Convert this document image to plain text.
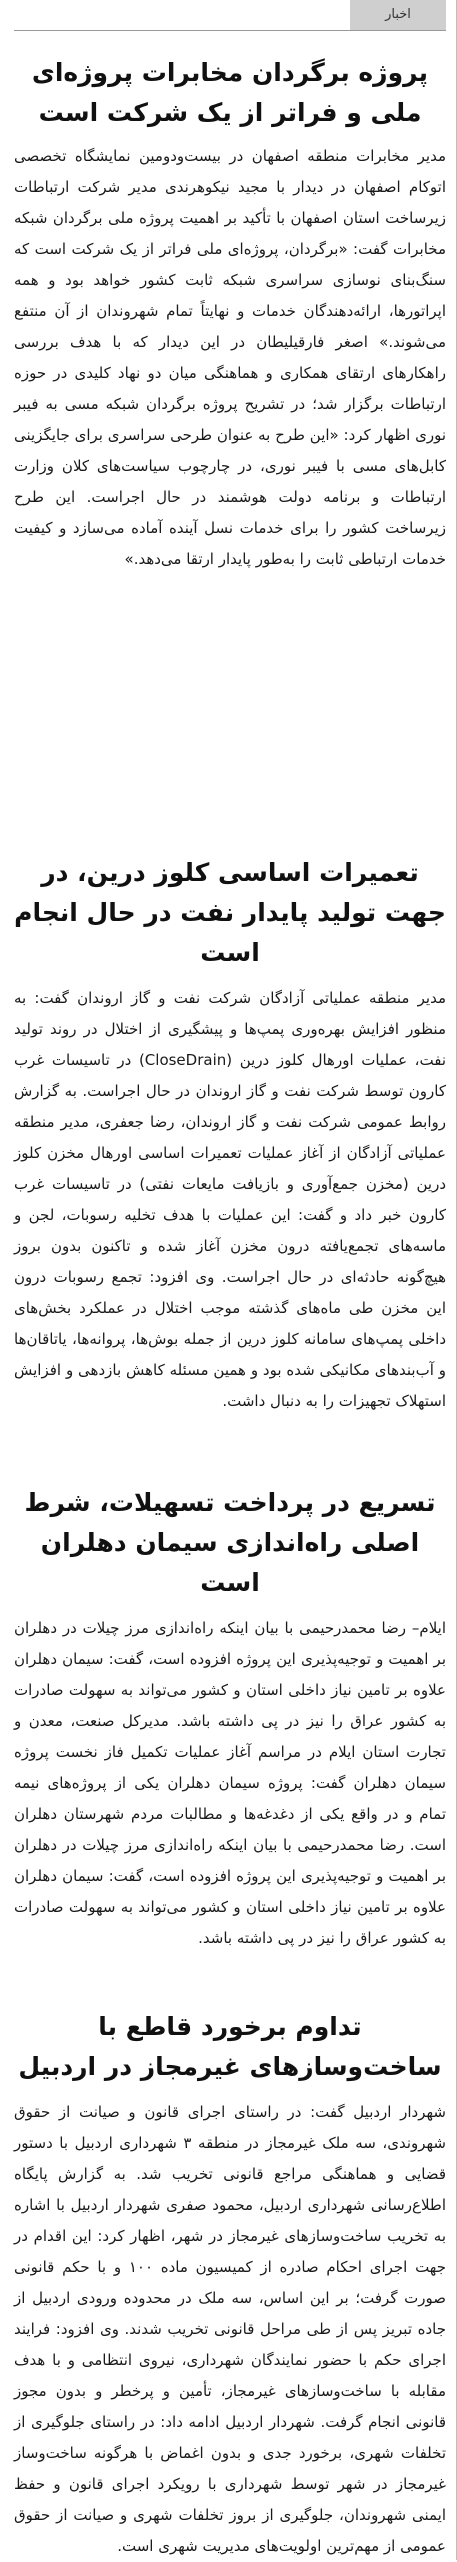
اخبار
پروژه برگردان مخابرات پروژه‌ای ملی و فراتر از یک شرکت است

مدیر مخابرات منطقه اصفهان در بیست‌ودومین نمایشگاه تخصصی اتوکام اصفهان در دیدار با مجید نیکوهرندی مدیر شرکت ارتباطات زیرساخت استان اصفهان با تأکید بر اهمیت پروژه ملی برگردان شبکه مخابرات گفت: «برگردان، پروژه‌ای ملی فراتر از یک شرکت است که سنگ‌بنای نوسازی سراسری شبکه ثابت کشور خواهد بود و همه اپراتورها، ارائه‌دهندگان خدمات و نهایتاً تمام شهروندان از آن منتفع می‌شوند.» اصغر فارقیلیطان در این دیدار که با هدف بررسی راهکارهای ارتقای همکاری و هماهنگی میان دو نهاد کلیدی در حوزه ارتباطات برگزار شد؛ در تشریح پروژه برگردان شبکه مسی به فیبر نوری اظهار کرد: «این طرح به عنوان طرحی سراسری برای جایگزینی کابل‌های مسی با فیبر نوری، در چارچوب سیاست‌های کلان وزارت ارتباطات و برنامه دولت هوشمند در حال اجراست. این طرح زیرساخت کشور را برای خدمات نسل آینده آماده می‌سازد و کیفیت خدمات ارتباطی ثابت را به‌طور پایدار ارتقا می‌دهد.»

تعمیرات اساسی کلوز درین، در جهت تولید پایدار نفت در حال انجام است

مدیر منطقه عملیاتی آزادگان شرکت نفت و گاز اروندان گفت: به منظور افزایش بهره‌وری پمپ‌ها و پیشگیری از اختلال در روند تولید نفت، عملیات اورهال کلوز درین (CloseDrain) در تاسیسات غرب کارون توسط شرکت نفت و گاز اروندان در حال اجراست. به گزارش روابط عمومی شرکت نفت و گاز اروندان، رضا جعفری، مدیر منطقه عملیاتی آزادگان از آغاز عملیات تعمیرات اساسی اورهال مخزن کلوز درین (مخزن جمع‌آوری و بازیافت مایعات نفتی) در تاسیسات غرب کارون خبر داد و گفت: این عملیات با هدف تخلیه رسوبات، لجن و ماسه‌های تجمع‌یافته درون مخزن آغاز شده و تاکنون بدون بروز هیچ‌گونه حادثه‌ای در حال اجراست. وی افزود: تجمع رسوبات درون این مخزن طی ماه‌های گذشته موجب اختلال در عملکرد بخش‌های داخلی پمپ‌های سامانه کلوز درین از جمله بوش‌ها، پروانه‌ها، یاتاقان‌ها و آب‌بندهای مکانیکی شده بود و همین مسئله کاهش بازدهی و افزایش استهلاک تجهیزات را به دنبال داشت.

تسریع در پرداخت تسهیلات، شرط اصلی راه‌اندازی سیمان دهلران است

ایلام– رضا محمدرحیمی با بیان اینکه راه‌اندازی مرز چیلات در دهلران بر اهمیت و توجیه‌پذیری این پروژه افزوده است، گفت: سیمان دهلران علاوه بر تامین نیاز داخلی استان و کشور می‌تواند به سهولت صادرات به کشور عراق را نیز در پی داشته باشد. مدیرکل صنعت، معدن و تجارت استان ایلام در مراسم آغاز عملیات تکمیل فاز نخست پروژه سیمان دهلران گفت: پروژه سیمان دهلران یکی از پروژه‌های نیمه تمام و در واقع یکی از دغدغه‌ها و مطالبات مردم شهرستان دهلران است. رضا محمدرحیمی با بیان اینکه راه‌اندازی مرز چیلات در دهلران بر اهمیت و توجیه‌پذیری این پروژه افزوده است، گفت: سیمان دهلران علاوه بر تامین نیاز داخلی استان و کشور می‌تواند به سهولت صادرات به کشور عراق را نیز در پی داشته باشد.

تداوم برخورد قاطع با ساخت‌وسازهای غیرمجاز در اردبیل

شهردار اردبیل گفت: در راستای اجرای قانون و صیانت از حقوق شهروندی، سه ملک غیرمجاز در منطقه ۳ شهرداری اردبیل با دستور قضایی و هماهنگی مراجع قانونی تخریب شد. به گزارش پایگاه اطلاع‌رسانی شهرداری اردبیل، محمود صفری شهردار اردبیل با اشاره به تخریب ساخت‌وسازهای غیرمجاز در شهر، اظهار کرد: این اقدام در جهت اجرای احکام صادره از کمیسیون ماده ۱۰۰ و با حکم قانونی صورت گرفت؛ بر این اساس، سه ملک در محدوده ورودی اردبیل از جاده تبریز پس از طی مراحل قانونی تخریب شدند. وی افزود: فرایند اجرای حکم با حضور نمایندگان شهرداری، نیروی انتظامی و با هدف مقابله با ساخت‌وسازهای غیرمجاز، تأمین و پرخطر و بدون مجوز قانونی انجام گرفت. شهردار اردبیل ادامه داد: در راستای جلوگیری از تخلفات شهری، برخورد جدی و بدون اغماض با هرگونه ساخت‌وساز غیرمجاز در شهر توسط شهرداری با رویکرد اجرای قانون و حفظ ایمنی شهروندان، جلوگیری از بروز تخلفات شهری و صیانت از حقوق عمومی از مهم‌ترین اولویت‌های مدیریت شهری است.
